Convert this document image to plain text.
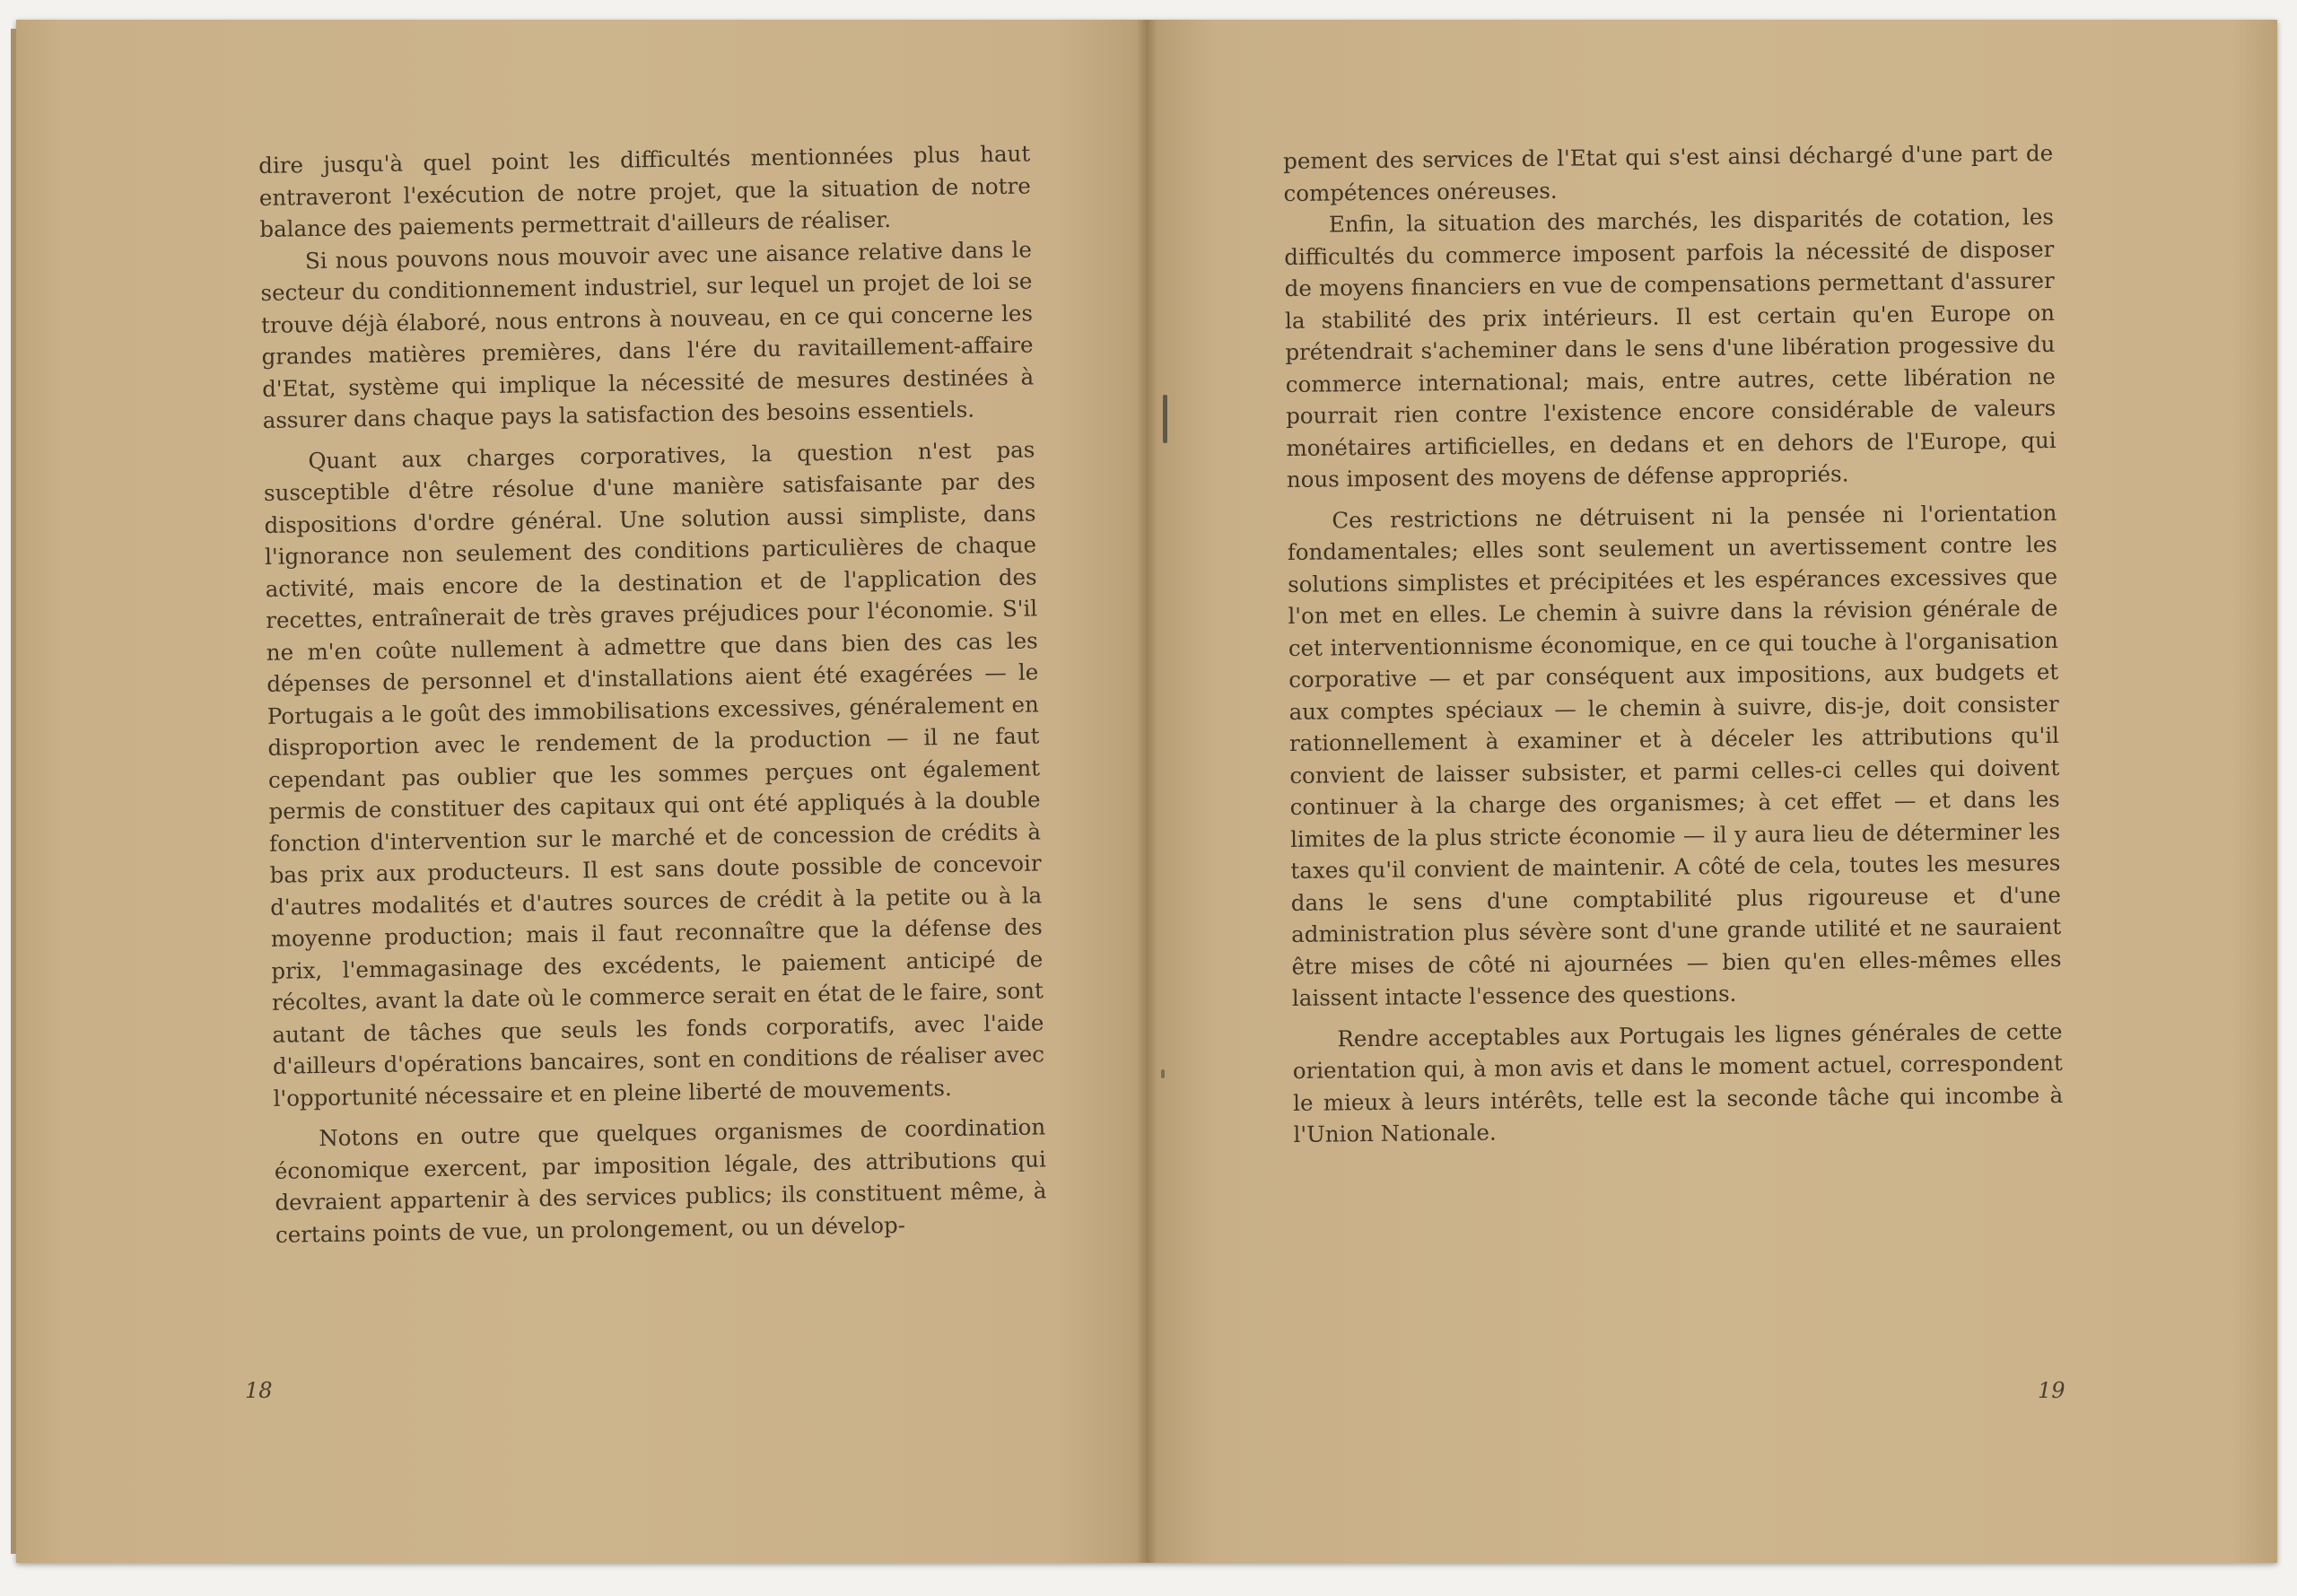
dire jusqu'à quel point les difficultés mentionnées plus haut entraveront l'exécution de notre projet, que la situation de notre balance des paiements permettrait d'ailleurs de réaliser.

Si nous pouvons nous mouvoir avec une aisance relative dans le secteur du conditionnement industriel, sur lequel un projet de loi se trouve déjà élaboré, nous entrons à nouveau, en ce qui concerne les grandes matières premières, dans l'ére du ravitaillement-affaire d'Etat, système qui implique la nécessité de mesures destinées à assurer dans chaque pays la satisfaction des besoins essentiels.

Quant aux charges corporatives, la question n'est pas susceptible d'être résolue d'une manière satisfaisante par des dispositions d'ordre général. Une solution aussi simpliste, dans l'ignorance non seulement des conditions particulières de chaque activité, mais encore de la destination et de l'application des recettes, entraînerait de très graves préjudices pour l'économie. S'il ne m'en coûte nullement à admettre que dans bien des cas les dépenses de personnel et d'installations aient été exagérées — le Portugais a le goût des immobilisations excessives, généralement en disproportion avec le rendement de la production — il ne faut cependant pas oublier que les sommes perçues ont également permis de constituer des capitaux qui ont été appliqués à la double fonction d'intervention sur le marché et de concession de crédits à bas prix aux producteurs. Il est sans doute possible de concevoir d'autres modalités et d'autres sources de crédit à la petite ou à la moyenne production; mais il faut reconnaître que la défense des prix, l'emmagasinage des excédents, le paiement anticipé de récoltes, avant la date où le commerce serait en état de le faire, sont autant de tâches que seuls les fonds corporatifs, avec l'aide d'ailleurs d'opérations bancaires, sont en conditions de réaliser avec l'opportunité nécessaire et en pleine liberté de mouvements.

Notons en outre que quelques organismes de coordination économique exercent, par imposition légale, des attributions qui devraient appartenir à des services publics; ils constituent même, à certains points de vue, un prolongement, ou un dévelop-

18

pement des services de l'Etat qui s'est ainsi déchargé d'une part de compétences onéreuses.

Enfin, la situation des marchés, les disparités de cotation, les difficultés du commerce imposent parfois la nécessité de disposer de moyens financiers en vue de compensations permettant d'assurer la stabilité des prix intérieurs. Il est certain qu'en Europe on prétendrait s'acheminer dans le sens d'une libération progessive du commerce international; mais, entre autres, cette libération ne pourrait rien contre l'existence encore considérable de valeurs monétaires artificielles, en dedans et en dehors de l'Europe, qui nous imposent des moyens de défense appropriés.

Ces restrictions ne détruisent ni la pensée ni l'orientation fondamentales; elles sont seulement un avertissement contre les solutions simplistes et précipitées et les espérances excessives que l'on met en elles. Le chemin à suivre dans la révision générale de cet interventionnisme économique, en ce qui touche à l'organisation corporative — et par conséquent aux impositions, aux budgets et aux comptes spéciaux — le chemin à suivre, dis-je, doit consister rationnellement à examiner et à déceler les attributions qu'il convient de laisser subsister, et parmi celles-ci celles qui doivent continuer à la charge des organismes; à cet effet — et dans les limites de la plus stricte économie — il y aura lieu de déterminer les taxes qu'il convient de maintenir. A côté de cela, toutes les mesures dans le sens d'une comptabilité plus rigoureuse et d'une administration plus sévère sont d'une grande utilité et ne sauraient être mises de côté ni ajournées — bien qu'en elles-mêmes elles laissent intacte l'essence des questions.

Rendre acceptables aux Portugais les lignes générales de cette orientation qui, à mon avis et dans le moment actuel, correspondent le mieux à leurs intérêts, telle est la seconde tâche qui incombe à l'Union Nationale.

19
